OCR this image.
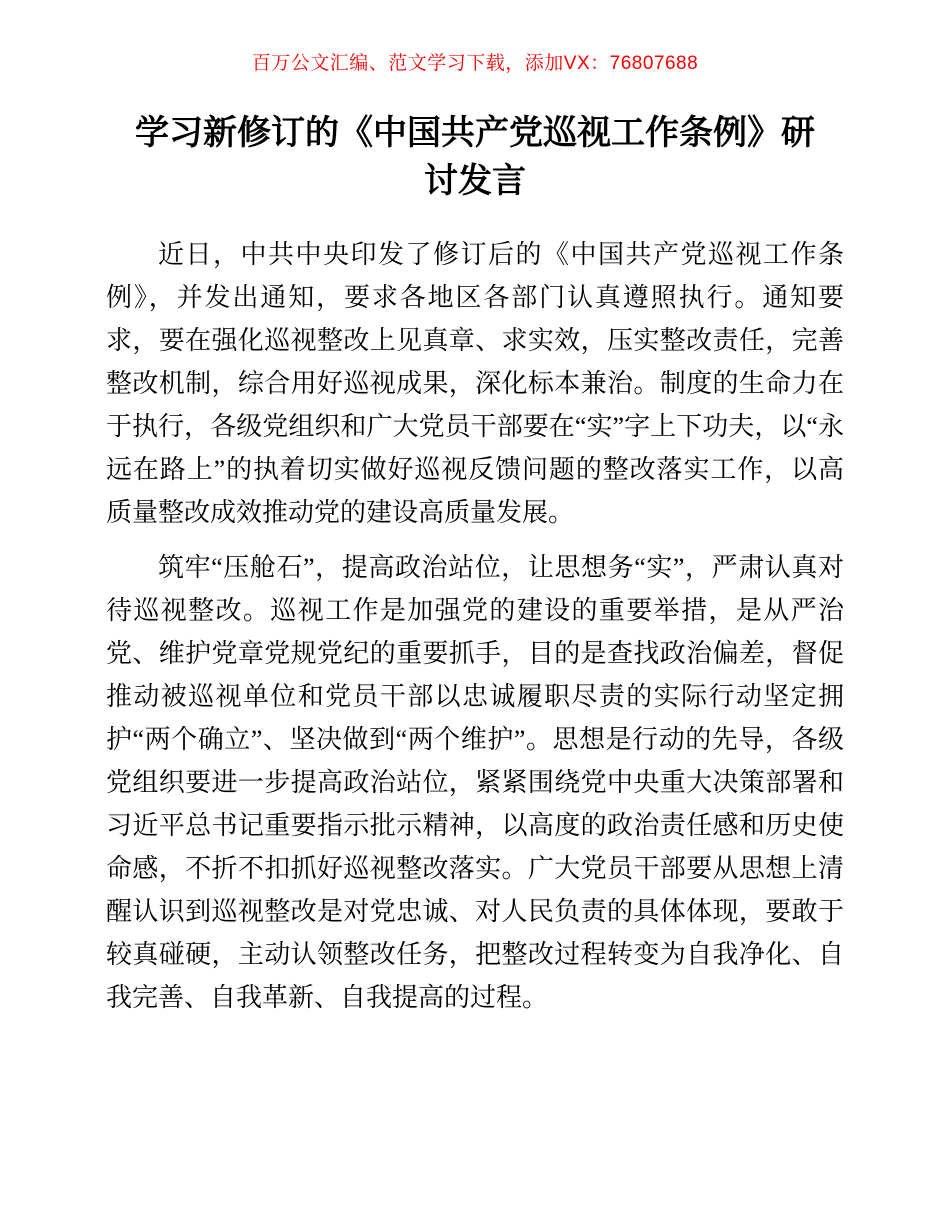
百万公文汇编、范文学习下载，添加VX：76807688
学习新修订的《中国共产党巡视工作条例》研
讨发言

近日，中共中央印发了修订后的《中国共产党巡视工作条例》，并发出通知，要求各地区各部门认真遵照执行。通知要求，要在强化巡视整改上见真章、求实效，压实整改责任，完善整改机制，综合用好巡视成果，深化标本兼治。制度的生命力在于执行，各级党组织和广大党员干部要在“实”字上下功夫，以“永远在路上”的执着切实做好巡视反馈问题的整改落实工作，以高质量整改成效推动党的建设高质量发展。

筑牢“压舱石”，提高政治站位，让思想务“实”，严肃认真对待巡视整改。巡视工作是加强党的建设的重要举措，是从严治党、维护党章党规党纪的重要抓手，目的是查找政治偏差，督促推动被巡视单位和党员干部以忠诚履职尽责的实际行动坚定拥护“两个确立”、坚决做到“两个维护”。思想是行动的先导，各级党组织要进一步提高政治站位，紧紧围绕党中央重大决策部署和习近平总书记重要指示批示精神，以高度的政治责任感和历史使命感，不折不扣抓好巡视整改落实。广大党员干部要从思想上清醒认识到巡视整改是对党忠诚、对人民负责的具体体现，要敢于较真碰硬，主动认领整改任务，把整改过程转变为自我净化、自我完善、自我革新、自我提高的过程。
